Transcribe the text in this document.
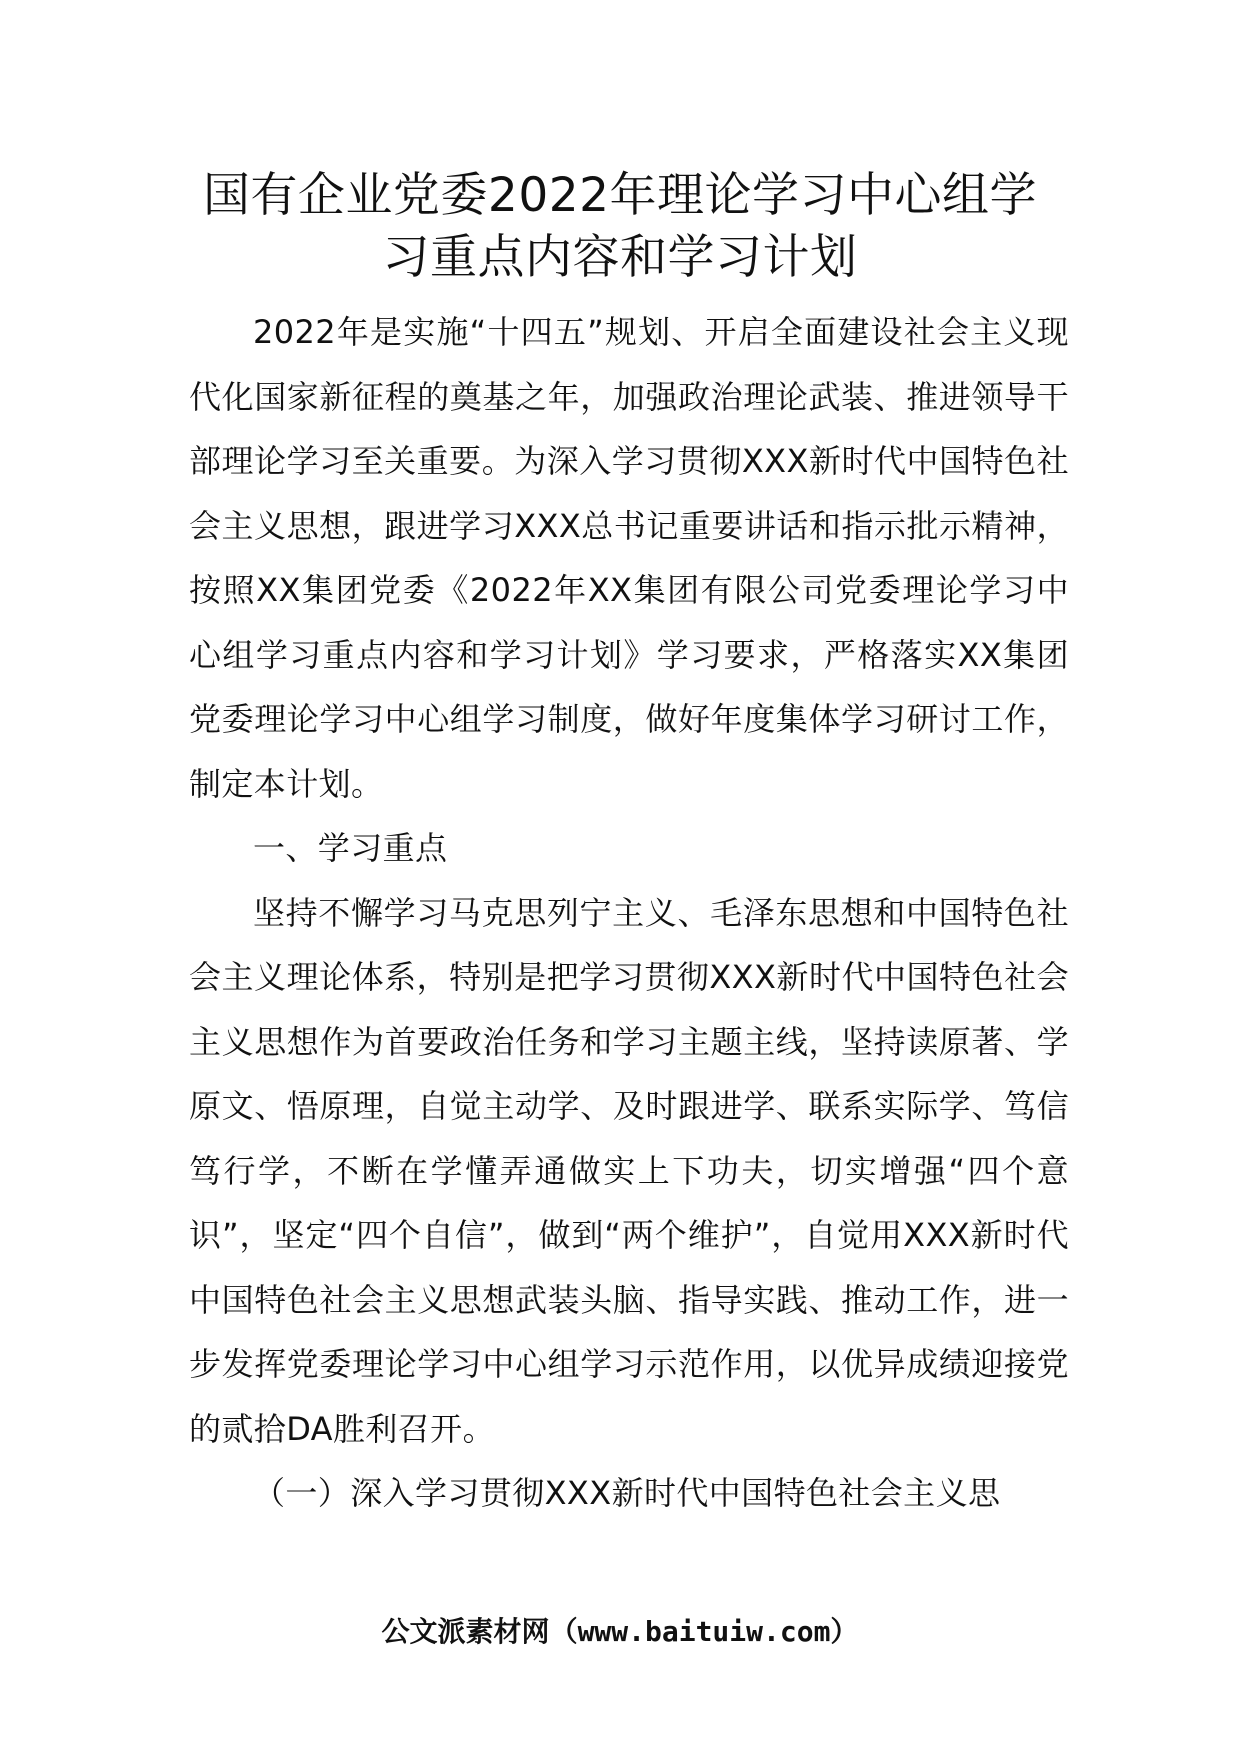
国有企业党委2022年理论学习中心组学
习重点内容和学习计划

2022年是实施“十四五”规划、开启全面建设社会主义现代化国家新征程的奠基之年，加强政治理论武装、推进领导干部理论学习至关重要。为深入学习贯彻XXX新时代中国特色社会主义思想，跟进学习XXX总书记重要讲话和指示批示精神，按照XX集团党委《2022年XX集团有限公司党委理论学习中心组学习重点内容和学习计划》学习要求，严格落实XX集团党委理论学习中心组学习制度，做好年度集体学习研讨工作，制定本计划。

一、学习重点

坚持不懈学习马克思列宁主义、毛泽东思想和中国特色社会主义理论体系，特别是把学习贯彻XXX新时代中国特色社会主义思想作为首要政治任务和学习主题主线，坚持读原著、学原文、悟原理，自觉主动学、及时跟进学、联系实际学、笃信笃行学，不断在学懂弄通做实上下功夫，切实增强“四个意识”，坚定“四个自信”，做到“两个维护”，自觉用XXX新时代中国特色社会主义思想武装头脑、指导实践、推动工作，进一步发挥党委理论学习中心组学习示范作用，以优异成绩迎接党的贰拾DA胜利召开。

（一）深入学习贯彻XXX新时代中国特色社会主义思

公文派素材网（www.baituiw.com）
